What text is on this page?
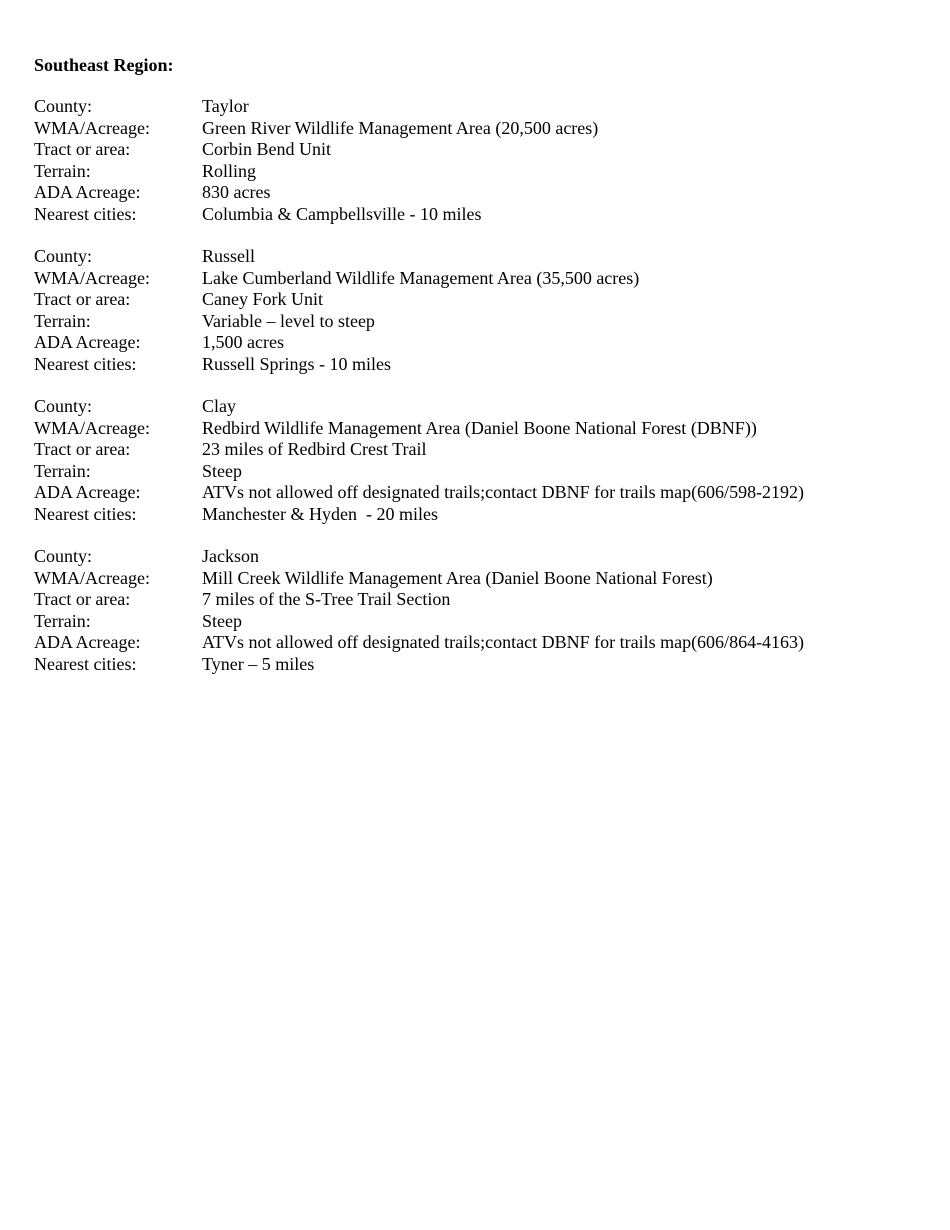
Southeast Region:
County:	Taylor
WMA/Acreage:	Green River Wildlife Management Area (20,500 acres)
Tract or area:	Corbin Bend Unit
Terrain:	Rolling
ADA Acreage:	830 acres
Nearest cities:	Columbia & Campbellsville - 10 miles
County:	Russell
WMA/Acreage:	Lake Cumberland Wildlife Management Area (35,500 acres)
Tract or area:	Caney Fork Unit
Terrain:	Variable – level to steep
ADA Acreage:	1,500 acres
Nearest cities:	Russell Springs - 10 miles
County:	Clay
WMA/Acreage:	Redbird Wildlife Management Area (Daniel Boone National Forest (DBNF))
Tract or area:	23 miles of Redbird Crest Trail
Terrain:	Steep
ADA Acreage:	ATVs not allowed off designated trails;contact DBNF for trails map(606/598-2192)
Nearest cities:	Manchester & Hyden  - 20 miles
County:	Jackson
WMA/Acreage:	Mill Creek Wildlife Management Area (Daniel Boone National Forest)
Tract or area:	7 miles of the S-Tree Trail Section
Terrain:	Steep
ADA Acreage:	ATVs not allowed off designated trails;contact DBNF for trails map(606/864-4163)
Nearest cities:	Tyner – 5 miles
